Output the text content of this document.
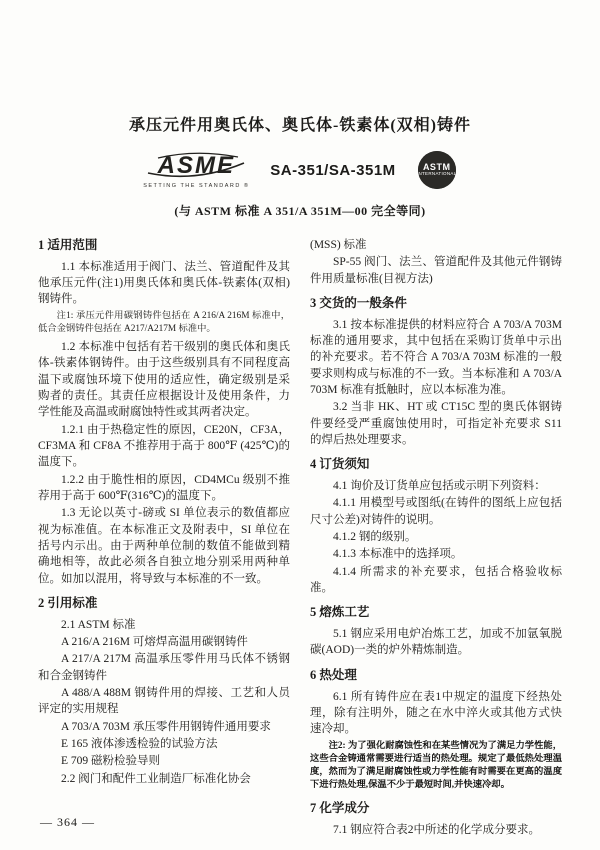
承压元件用奥氏体、奥氏体-铁素体(双相)铸件
ASME
SETTING THE STANDARD ®
SA-351/SA-351M	ASTM
INTERNATIONAL
(与 ASTM 标准 A 351/A 351M—00 完全等同)
1 适用范围

1.1 本标准适用于阀门、法兰、管道配件及其他承压元件(注1)用奥氏体和奥氏体-铁素体(双相)钢铸件。

注1: 承压元件用碳钢铸件包括在 A 216/A 216M 标准中，低合金钢铸件包括在 A217/A217M 标准中。

1.2 本标准中包括有若干级别的奥氏体和奥氏体-铁素体钢铸件。由于这些级别具有不同程度高温下或腐蚀环境下使用的适应性，确定级别是采购者的责任。其责任应根据设计及使用条件，力学性能及高温或耐腐蚀特性或其两者决定。

1.2.1 由于热稳定性的原因，CE20N，CF3A，CF3MA 和 CF8A 不推荐用于高于 800℉ (425℃)的温度下。

1.2.2 由于脆性相的原因，CD4MCu 级别不推荐用于高于 600℉(316℃)的温度下。

1.3 无论以英寸-磅或 SI 单位表示的数值都应视为标准值。在本标准正文及附表中，SI 单位在括号内示出。由于两种单位制的数值不能做到精确地相等，故此必须各自独立地分别采用两种单位。如加以混用，将导致与本标准的不一致。

2 引用标准

2.1 ASTM 标准

A 216/A 216M 可熔焊高温用碳钢铸件

A 217/A 217M 高温承压零件用马氏体不锈钢和合金钢铸件

A 488/A 488M 钢铸件用的焊接、工艺和人员评定的实用规程

A 703/A 703M 承压零件用钢铸件通用要求

E 165 液体渗透检验的试验方法

E 709 磁粉检验导则

2.2 阀门和配件工业制造厂标准化协会

(MSS) 标准

SP-55 阀门、法兰、管道配件及其他元件钢铸件用质量标准(目视方法)

3 交货的一般条件

3.1 按本标准提供的材料应符合 A 703/A 703M标准的通用要求，其中包括在采购订货单中示出的补充要求。若不符合 A 703/A 703M 标准的一般要求则构成与标准的不一致。当本标准和 A 703/A 703M 标准有抵触时，应以本标准为准。

3.2 当非 HK、HT 或 CT15C 型的奥氏体钢铸件要经受严重腐蚀使用时，可指定补充要求 S11 的焊后热处理要求。

4 订货须知

4.1 询价及订货单应包括或示明下列资料：

4.1.1 用模型号或图纸(在铸件的图纸上应包括尺寸公差)对铸件的说明。

4.1.2 钢的级别。

4.1.3 本标准中的选择项。

4.1.4 所需求的补充要求，包括合格验收标准。

5 熔炼工艺

5.1 钢应采用电炉冶炼工艺，加或不加氩氧脱碳(AOD)一类的炉外精炼制造。

6 热处理

6.1 所有铸件应在表1中规定的温度下经热处理，除有注明外，随之在水中淬火或其他方式快速冷却。

注2: 为了强化耐腐蚀性和在某些情况为了满足力学性能，这些合金铸通常需要进行适当的热处理。规定了最低热处理温度，然而为了满足耐腐蚀性或力学性能有时需要在更高的温度下进行热处理,保温不少于最短时间,并快速冷却。

7 化学成分

7.1 钢应符合表2中所述的化学成分要求。

— 364 —
